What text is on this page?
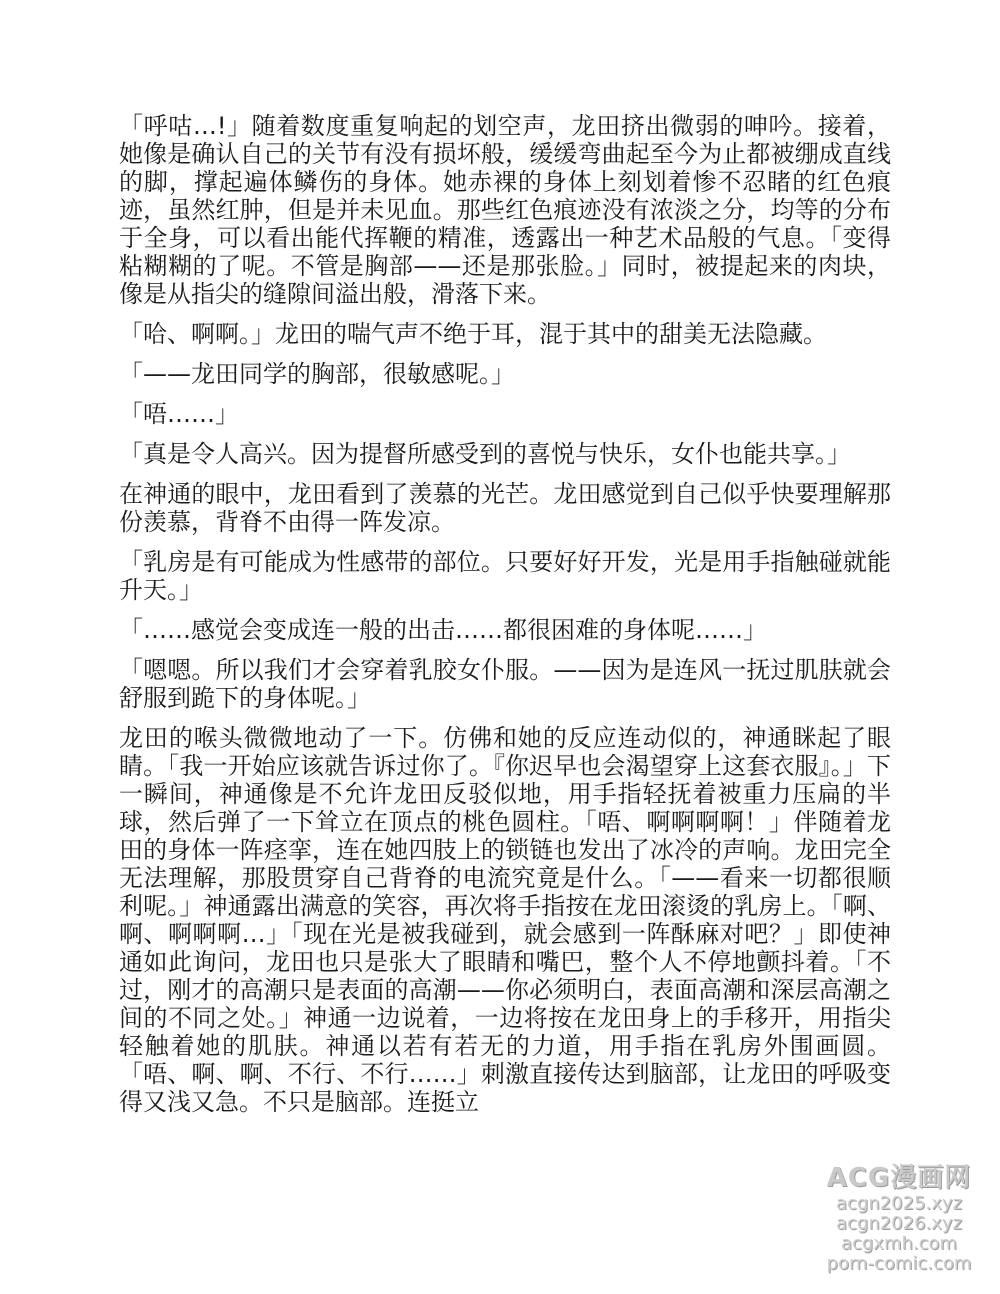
「呼咕…!」随着数度重复响起的划空声，龙田挤出微弱的呻吟。接着，她像是确认自己的关节有没有损坏般，缓缓弯曲起至今为止都被绷成直线的脚，撑起遍体鳞伤的身体。她赤裸的身体上刻划着惨不忍睹的红色痕迹，虽然红肿，但是并未见血。那些红色痕迹没有浓淡之分，均等的分布于全身，可以看出能代挥鞭的精准，透露出一种艺术品般的气息。「变得粘糊糊的了呢。不管是胸部——还是那张脸。」同时，被提起来的肉块，像是从指尖的缝隙间溢出般，滑落下来。

「哈、啊啊。」龙田的喘气声不绝于耳，混于其中的甜美无法隐藏。

「——龙田同学的胸部，很敏感呢。」

「唔……」

「真是令人高兴。因为提督所感受到的喜悦与快乐，女仆也能共享。」

在神通的眼中，龙田看到了羡慕的光芒。龙田感觉到自己似乎快要理解那份羡慕，背脊不由得一阵发凉。

「乳房是有可能成为性感带的部位。只要好好开发，光是用手指触碰就能升天。」

「……感觉会变成连一般的出击……都很困难的身体呢……」

「嗯嗯。所以我们才会穿着乳胶女仆服。——因为是连风一抚过肌肤就会舒服到跪下的身体呢。」

龙田的喉头微微地动了一下。仿佛和她的反应连动似的，神通眯起了眼睛。「我一开始应该就告诉过你了。『你迟早也会渴望穿上这套衣服』。」下一瞬间，神通像是不允许龙田反驳似地，用手指轻抚着被重力压扁的半球，然后弹了一下耸立在顶点的桃色圆柱。「唔、啊啊啊啊！」伴随着龙田的身体一阵痉挛，连在她四肢上的锁链也发出了冰冷的声响。龙田完全无法理解，那股贯穿自己背脊的电流究竟是什么。「——看来一切都很顺利呢。」神通露出满意的笑容，再次将手指按在龙田滚烫的乳房上。「啊、啊、啊啊啊…」「现在光是被我碰到，就会感到一阵酥麻对吧？」即使神通如此询问，龙田也只是张大了眼睛和嘴巴，整个人不停地颤抖着。「不过，刚才的高潮只是表面的高潮——你必须明白，表面高潮和深层高潮之间的不同之处。」神通一边说着，一边将按在龙田身上的手移开，用指尖轻触着她的肌肤。神通以若有若无的力道，用手指在乳房外围画圆。「唔、啊、啊、不行、不行……」刺激直接传达到脑部，让龙田的呼吸变得又浅又急。不只是脑部。连挺立

ACG漫画网
acgn2025.xyz
acgn2026.xyz
acgxmh.com
porn-comic.com
